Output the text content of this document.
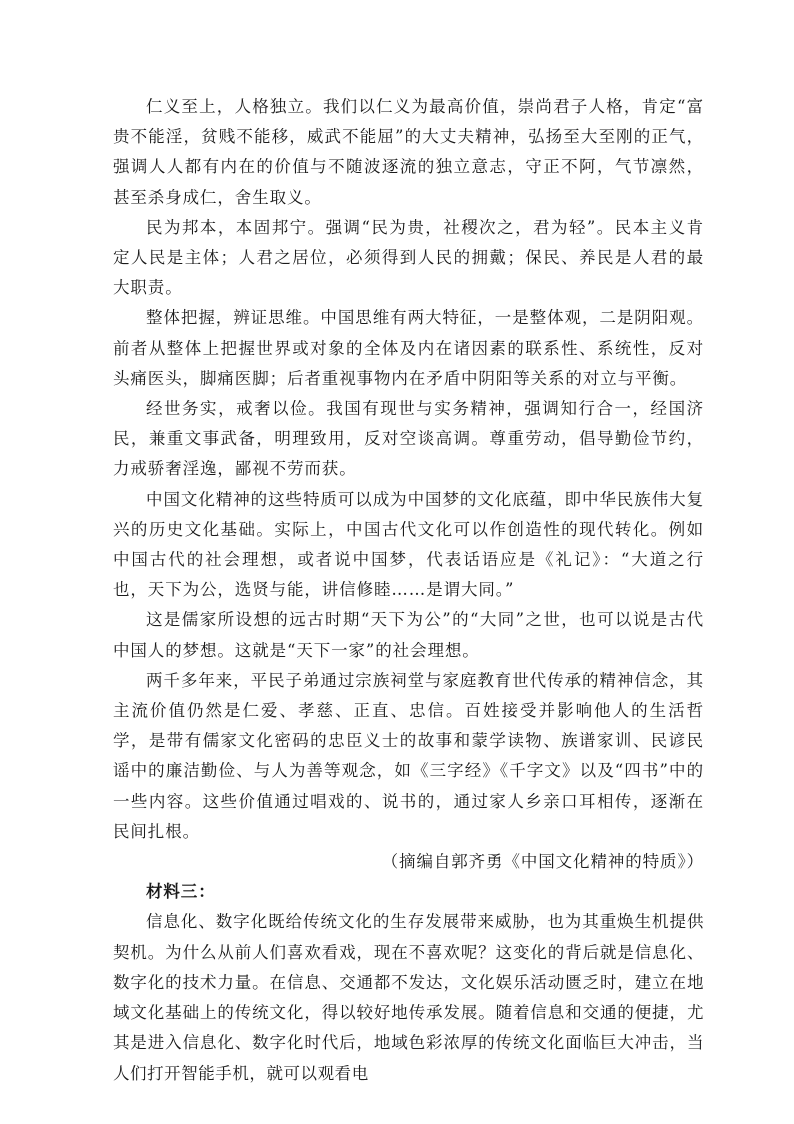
仁义至上，人格独立。我们以仁义为最高价值，崇尚君子人格，肯定“富贵不能淫，贫贱不能移，威武不能屈”的大丈夫精神，弘扬至大至刚的正气，强调人人都有内在的价值与不随波逐流的独立意志，守正不阿，气节凛然，甚至杀身成仁，舍生取义。

民为邦本，本固邦宁。强调“民为贵，社稷次之，君为轻”。民本主义肯定人民是主体；人君之居位，必须得到人民的拥戴；保民、养民是人君的最大职责。

整体把握，辨证思维。中国思维有两大特征，一是整体观，二是阴阳观。前者从整体上把握世界或对象的全体及内在诸因素的联系性、系统性，反对头痛医头，脚痛医脚；后者重视事物内在矛盾中阴阳等关系的对立与平衡。

经世务实，戒奢以俭。我国有现世与实务精神，强调知行合一，经国济民，兼重文事武备，明理致用，反对空谈高调。尊重劳动，倡导勤俭节约，力戒骄奢淫逸，鄙视不劳而获。

中国文化精神的这些特质可以成为中国梦的文化底蕴，即中华民族伟大复兴的历史文化基础。实际上，中国古代文化可以作创造性的现代转化。例如中国古代的社会理想，或者说中国梦，代表话语应是《礼记》：“大道之行也，天下为公，选贤与能，讲信修睦……是谓大同。”

这是儒家所设想的远古时期“天下为公”的“大同”之世，也可以说是古代中国人的梦想。这就是“天下一家”的社会理想。

两千多年来，平民子弟通过宗族祠堂与家庭教育世代传承的精神信念，其主流价值仍然是仁爱、孝慈、正直、忠信。百姓接受并影响他人的生活哲学，是带有儒家文化密码的忠臣义士的故事和蒙学读物、族谱家训、民谚民谣中的廉洁勤俭、与人为善等观念，如《三字经》《千字文》以及“四书”中的一些内容。这些价值通过唱戏的、说书的，通过家人乡亲口耳相传，逐渐在民间扎根。

（摘编自郭齐勇《中国文化精神的特质》）

材料三：

信息化、数字化既给传统文化的生存发展带来威胁，也为其重焕生机提供契机。为什么从前人们喜欢看戏，现在不喜欢呢？这变化的背后就是信息化、数字化的技术力量。在信息、交通都不发达，文化娱乐活动匮乏时，建立在地域文化基础上的传统文化，得以较好地传承发展。随着信息和交通的便捷，尤其是进入信息化、数字化时代后，地域色彩浓厚的传统文化面临巨大冲击，当人们打开智能手机，就可以观看电
